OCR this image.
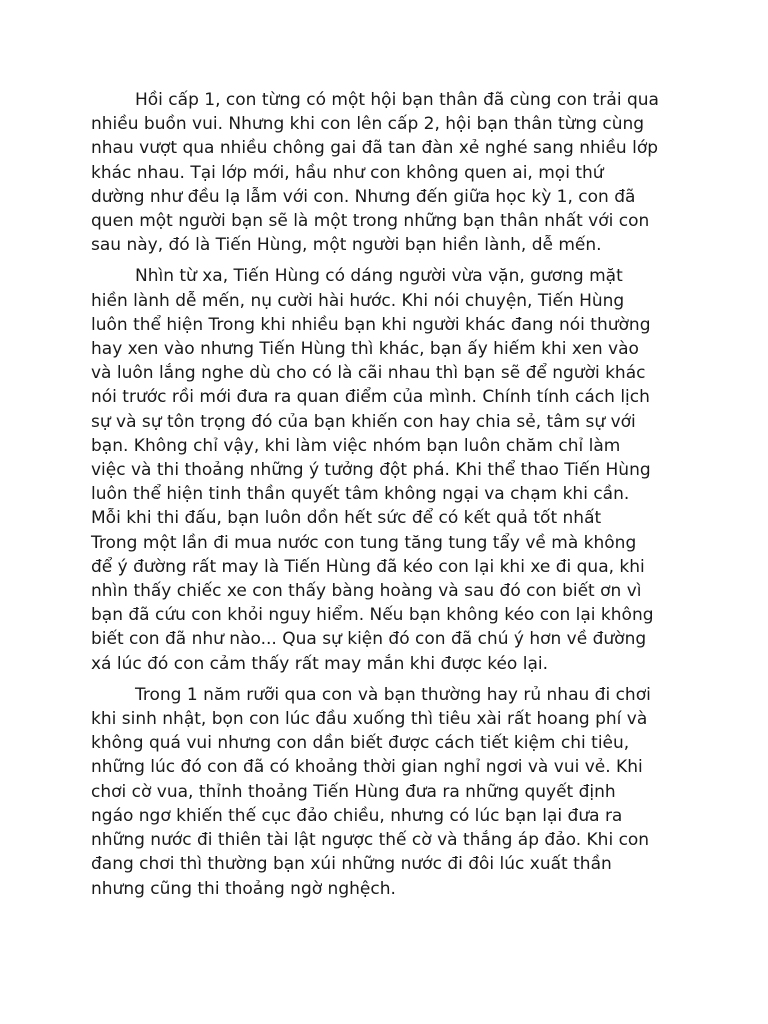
Hồi cấp 1, con từng có một hội bạn thân đã cùng con trải qua
nhiều buồn vui. Nhưng khi con lên cấp 2, hội bạn thân từng cùng
nhau vượt qua nhiều chông gai đã tan đàn xẻ nghé sang nhiều lớp
khác nhau. Tại lớp mới, hầu như con không quen ai, mọi thứ
dường như đều lạ lẫm với con. Nhưng đến giữa học kỳ 1, con đã
quen một người bạn sẽ là một trong những bạn thân nhất với con
sau này, đó là Tiến Hùng, một người bạn hiền lành, dễ mến.

Nhìn từ xa, Tiến Hùng có dáng người vừa vặn, gương mặt
hiền lành dễ mến, nụ cười hài hước. Khi nói chuyện, Tiến Hùng
luôn thể hiện Trong khi nhiều bạn khi người khác đang nói thường
hay xen vào nhưng Tiến Hùng thì khác, bạn ấy hiếm khi xen vào
và luôn lắng nghe dù cho có là cãi nhau thì bạn sẽ để người khác
nói trước rồi mới đưa ra quan điểm của mình. Chính tính cách lịch
sự và sự tôn trọng đó của bạn khiến con hay chia sẻ, tâm sự với
bạn. Không chỉ vậy, khi làm việc nhóm bạn luôn chăm chỉ làm
việc và thi thoảng những ý tưởng đột phá. Khi thể thao Tiến Hùng
luôn thể hiện tinh thần quyết tâm không ngại va chạm khi cần.
Mỗi khi thi đấu, bạn luôn dồn hết sức để có kết quả tốt nhất
Trong một lần đi mua nước con tung tăng tung tẩy về mà không
để ý đường rất may là Tiến Hùng đã kéo con lại khi xe đi qua, khi
nhìn thấy chiếc xe con thấy bàng hoàng và sau đó con biết ơn vì
bạn đã cứu con khỏi nguy hiểm. Nếu bạn không kéo con lại không
biết con đã như nào... Qua sự kiện đó con đã chú ý hơn về đường
xá lúc đó con cảm thấy rất may mắn khi được kéo lại.

Trong 1 năm rưỡi qua con và bạn thường hay rủ nhau đi chơi
khi sinh nhật, bọn con lúc đầu xuống thì tiêu xài rất hoang phí và
không quá vui nhưng con dần biết được cách tiết kiệm chi tiêu,
những lúc đó con đã có khoảng thời gian nghỉ ngơi và vui vẻ. Khi
chơi cờ vua, thỉnh thoảng Tiến Hùng đưa ra những quyết định
ngáo ngơ khiến thế cục đảo chiều, nhưng có lúc bạn lại đưa ra
những nước đi thiên tài lật ngược thế cờ và thắng áp đảo. Khi con
đang chơi thì thường bạn xúi những nước đi đôi lúc xuất thần
nhưng cũng thi thoảng ngờ nghệch.
